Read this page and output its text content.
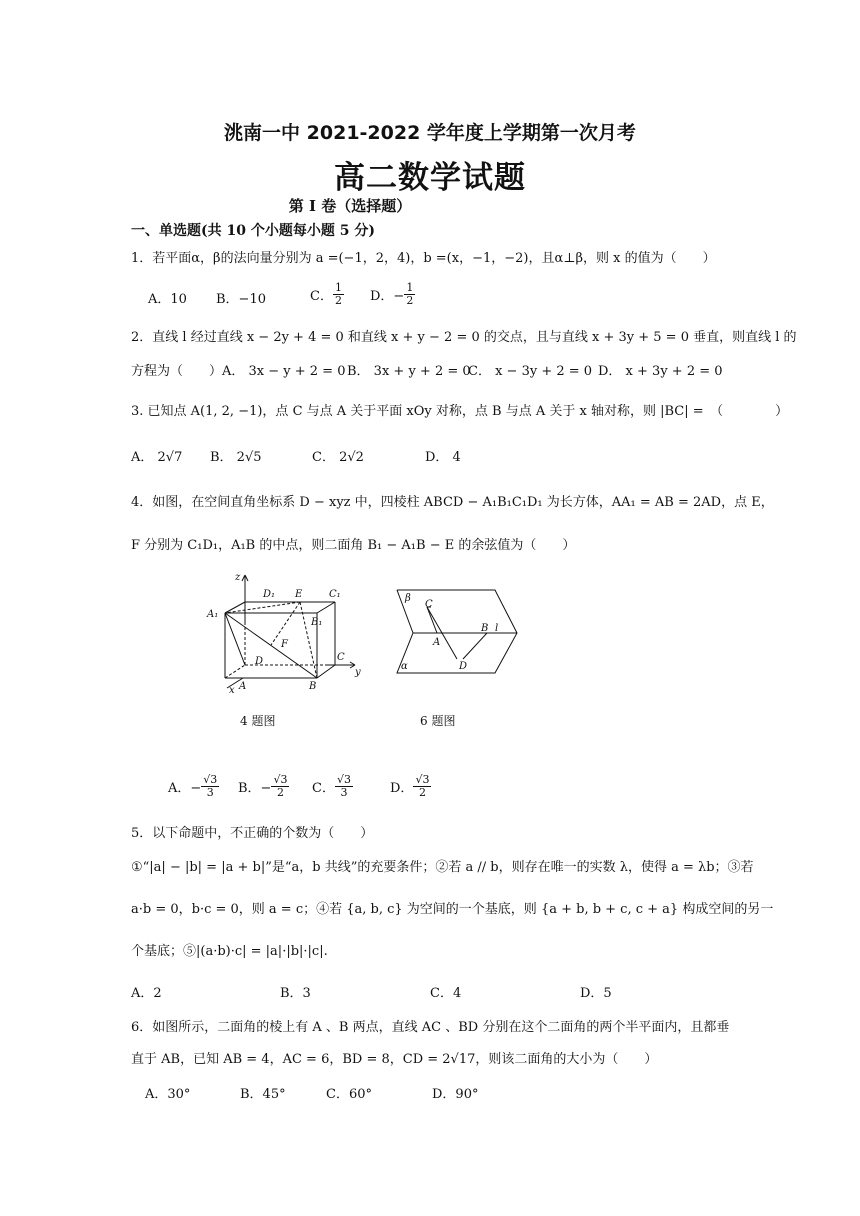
洮南一中 2021-2022 学年度上学期第一次月考
高二数学试题
第 I 卷（选择题）
一、单选题(共 10 个小题每小题 5 分)
1．若平面α，β的法向量分别为 a =(−1，2，4)，b =(x，−1，−2)，且α⊥β，则 x 的值为（　　）
A．10 B．−10	C． $\frac{1}{2}$ D．− $\frac{1}{2}$
2．直线 l 经过直线 x − 2y + 4 = 0 和直线 x + y − 2 = 0 的交点，且与直线 x + 3y + 5 = 0 垂直，则直线 l 的
方程为（　　） A． 3x − y + 2 = 0 B． 3x + y + 2 = 0
C． x − 3y + 2 = 0 D． x + 3y + 2 = 0
3. 已知点 A(1, 2, −1)，点 C 与点 A 关于平面 xOy 对称，点 B 与点 A 关于 x 轴对称，则 |BC| =　（　　　　）
A． 2√7 B． 2√5	C． 2√2	D． 4
4．如图，在空间直角坐标系 D − xyz 中，四棱柱 ABCD − A₁B₁C₁D₁ 为长方体，AA₁ = AB = 2AD，点 E，
F 分别为 C₁D₁，A₁B 的中点，则二面角 B₁ − A₁B − E 的余弦值为（　　）
z
x
y
D₁ E	C₁
A₁
B₁
F
D	C
A	B
β
α
C
A
B l
D
4 题图	6 题图
A．− $\frac{√3}{3}$ B．− $\frac{√3}{2}$ C． $\frac{√3}{3}$	D． $\frac{√3}{2}$
5．以下命题中，不正确的个数为（　　）
①“|a| − |b| = |a + b|”是“a，b 共线”的充要条件；②若 a // b，则存在唯一的实数 λ，使得 a = λb；③若
a·b = 0，b·c = 0，则 a = c；④若 {a, b, c} 为空间的一个基底，则 {a + b, b + c, c + a} 构成空间的另一
个基底；⑤|(a·b)·c| = |a|·|b|·|c|.
A．2	B．3	C．4	D．5
6．如图所示，二面角的棱上有 A 、B 两点，直线 AC 、BD 分别在这个二面角的两个半平面内，且都垂
直于 AB，已知 AB = 4，AC = 6，BD = 8，CD = 2√17，则该二面角的大小为（　　）
A．30°	B．45°	C．60°	D．90°
